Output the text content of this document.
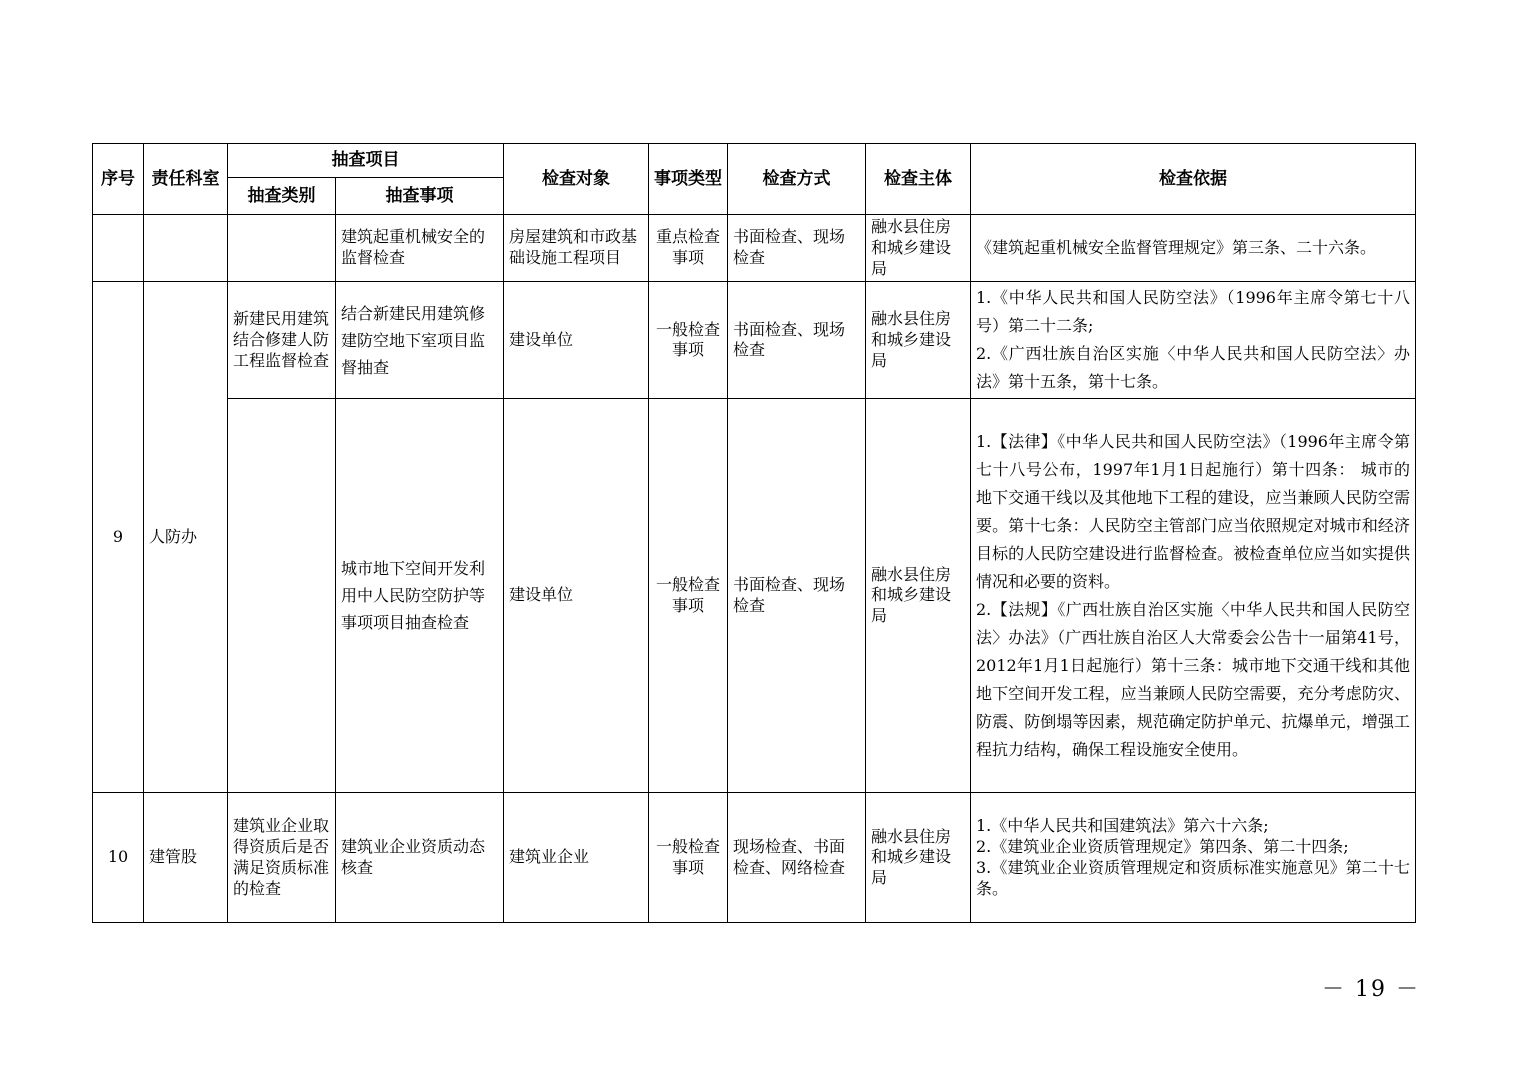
序号	责任科室	抽查项目		检查对象	事项类型	检查方式	检查主体	检查依据
		抽查类别	抽查事项					
			建筑起重机械安全的监督检查	房屋建筑和市政基础设施工程项目	重点检查事项	书面检查、现场检查	融水县住房和城乡建设局	《建筑起重机械安全监督管理规定》第三条、二十六条。

9	人防办	新建民用建筑结合修建人防工程监督检查	结合新建民用建筑修建防空地下室项目监督抽查	建设单位	一般检查事项	书面检查、现场检查	融水县住房和城乡建设局	1.《中华人民共和国人民防空法》（1996年主席令第七十八号）第二十二条;

2.《广西壮族自治区实施〈中华人民共和国人民防空法〉办法》第十五条，第十七条。

			城市地下空间开发利用中人民防空防护等事项项目抽查检查	建设单位	一般检查事项	书面检查、现场检查	融水县住房和城乡建设局	1.【法律】《中华人民共和国人民防空法》（1996年主席令第七十八号公布，1997年1月1日起施行）第十四条： 城市的地下交通干线以及其他地下工程的建设，应当兼顾人民防空需要。第十七条：人民防空主管部门应当依照规定对城市和经济目标的人民防空建设进行监督检查。被检查单位应当如实提供情况和必要的资料。

2.【法规】《广西壮族自治区实施〈中华人民共和国人民防空法〉办法》（广西壮族自治区人大常委会公告十一届第41号，2012年1月1日起施行）第十三条：城市地下交通干线和其他地下空间开发工程，应当兼顾人民防空需要，充分考虑防灾、防震、防倒塌等因素，规范确定防护单元、抗爆单元，增强工程抗力结构，确保工程设施安全使用。

10	建管股	建筑业企业取得资质后是否满足资质标准的检查	建筑业企业资质动态核查	建筑业企业	一般检查事项	现场检查、书面检查、网络检查	融水县住房和城乡建设局	1.《中华人民共和国建筑法》第六十六条;

2.《建筑业企业资质管理规定》第四条、第二十四条;

3.《建筑业企业资质管理规定和资质标准实施意见》第二十七条。

－ 19 －
